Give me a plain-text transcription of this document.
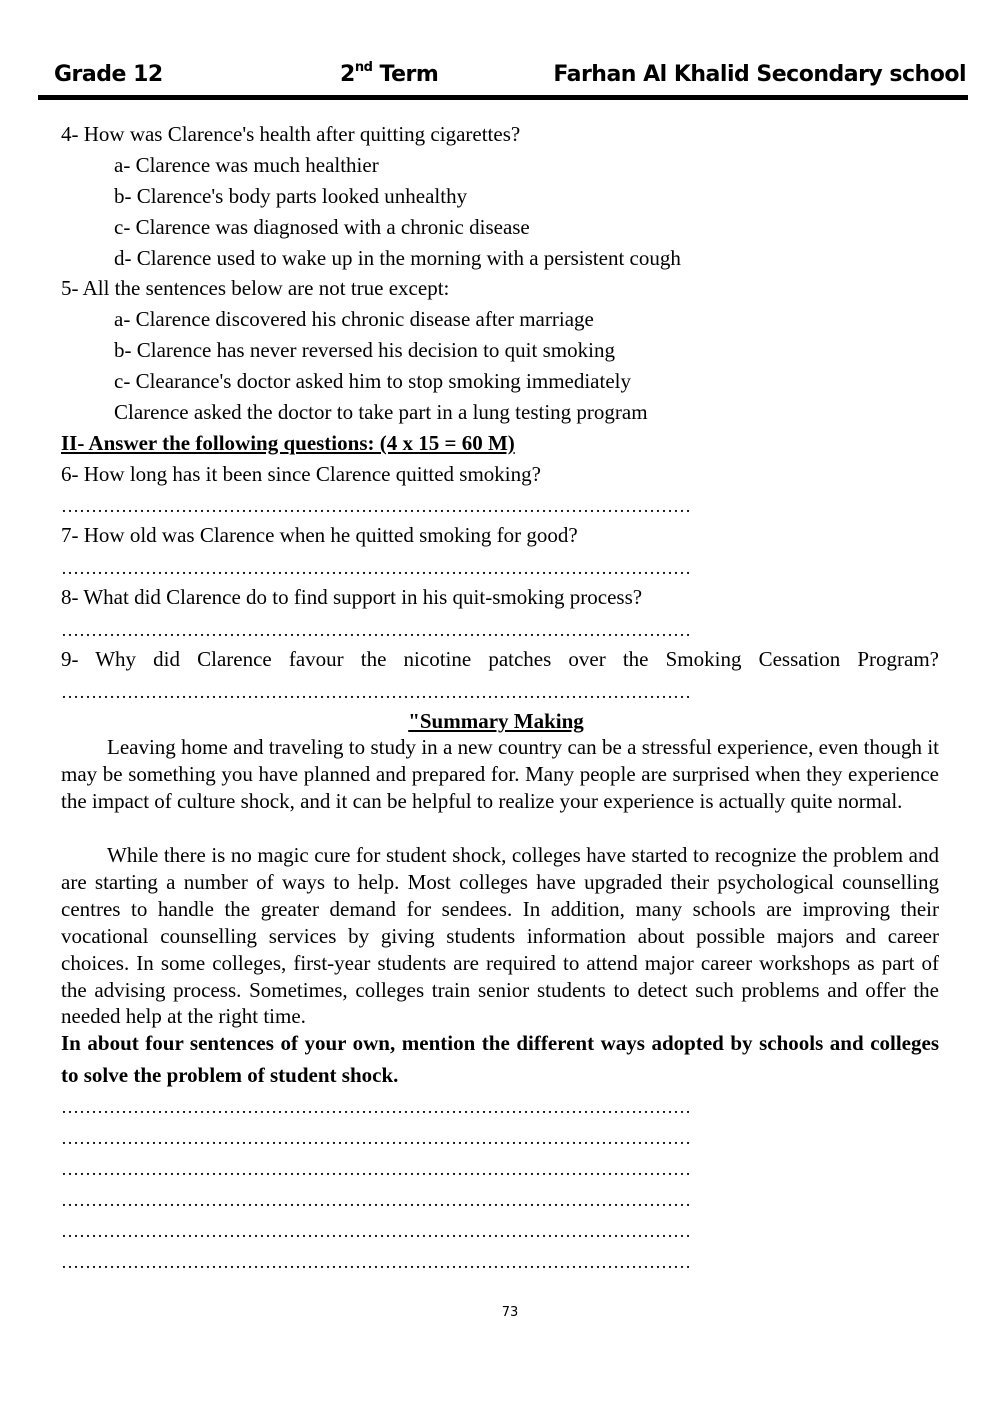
Grade 12	2nd Term	Farhan Al Khalid Secondary school
4- How was Clarence's health after quitting cigarettes?
a- Clarence was much healthier
b- Clarence's body parts looked unhealthy
c- Clarence was diagnosed with a chronic disease
d- Clarence used to wake up in the morning with a persistent cough
5- All the sentences below are not true except:
a- Clarence discovered his chronic disease after marriage
b- Clarence has never reversed his decision to quit smoking
c- Clearance's doctor asked him to stop smoking immediately
Clarence asked the doctor to take part in a lung testing program
II- Answer the following questions: (4 x 15 = 60 M)
6- How long has it been since Clarence quitted smoking?
……………………………………………………………………………………………
7- How old was Clarence when he quitted smoking for good?
……………………………………………………………………………………………
8- What did Clarence do to find support in his quit-smoking process?
……………………………………………………………………………………………
9- Why did Clarence favour the nicotine patches over the Smoking Cessation Program?
……………………………………………………………………………………………
"Summary Making
Leaving home and traveling to study in a new country can be a stressful experience, even though it may be something you have planned and prepared for. Many people are surprised when they experience the impact of culture shock, and it can be helpful to realize your experience is actually quite normal.
While there is no magic cure for student shock, colleges have started to recognize the problem and are starting a number of ways to help. Most colleges have upgraded their psychological counselling centres to handle the greater demand for sendees. In addition, many schools are improving their vocational counselling services by giving students information about possible majors and career choices. In some colleges, first-year students are required to attend major career workshops as part of the advising process. Sometimes, colleges train senior students to detect such problems and offer the needed help at the right time.
In about four sentences of your own, mention the different ways adopted by schools and colleges to solve the problem of student shock.
……………………………………………………………………………………………
……………………………………………………………………………………………
……………………………………………………………………………………………
……………………………………………………………………………………………
……………………………………………………………………………………………
……………………………………………………………………………………………
73
